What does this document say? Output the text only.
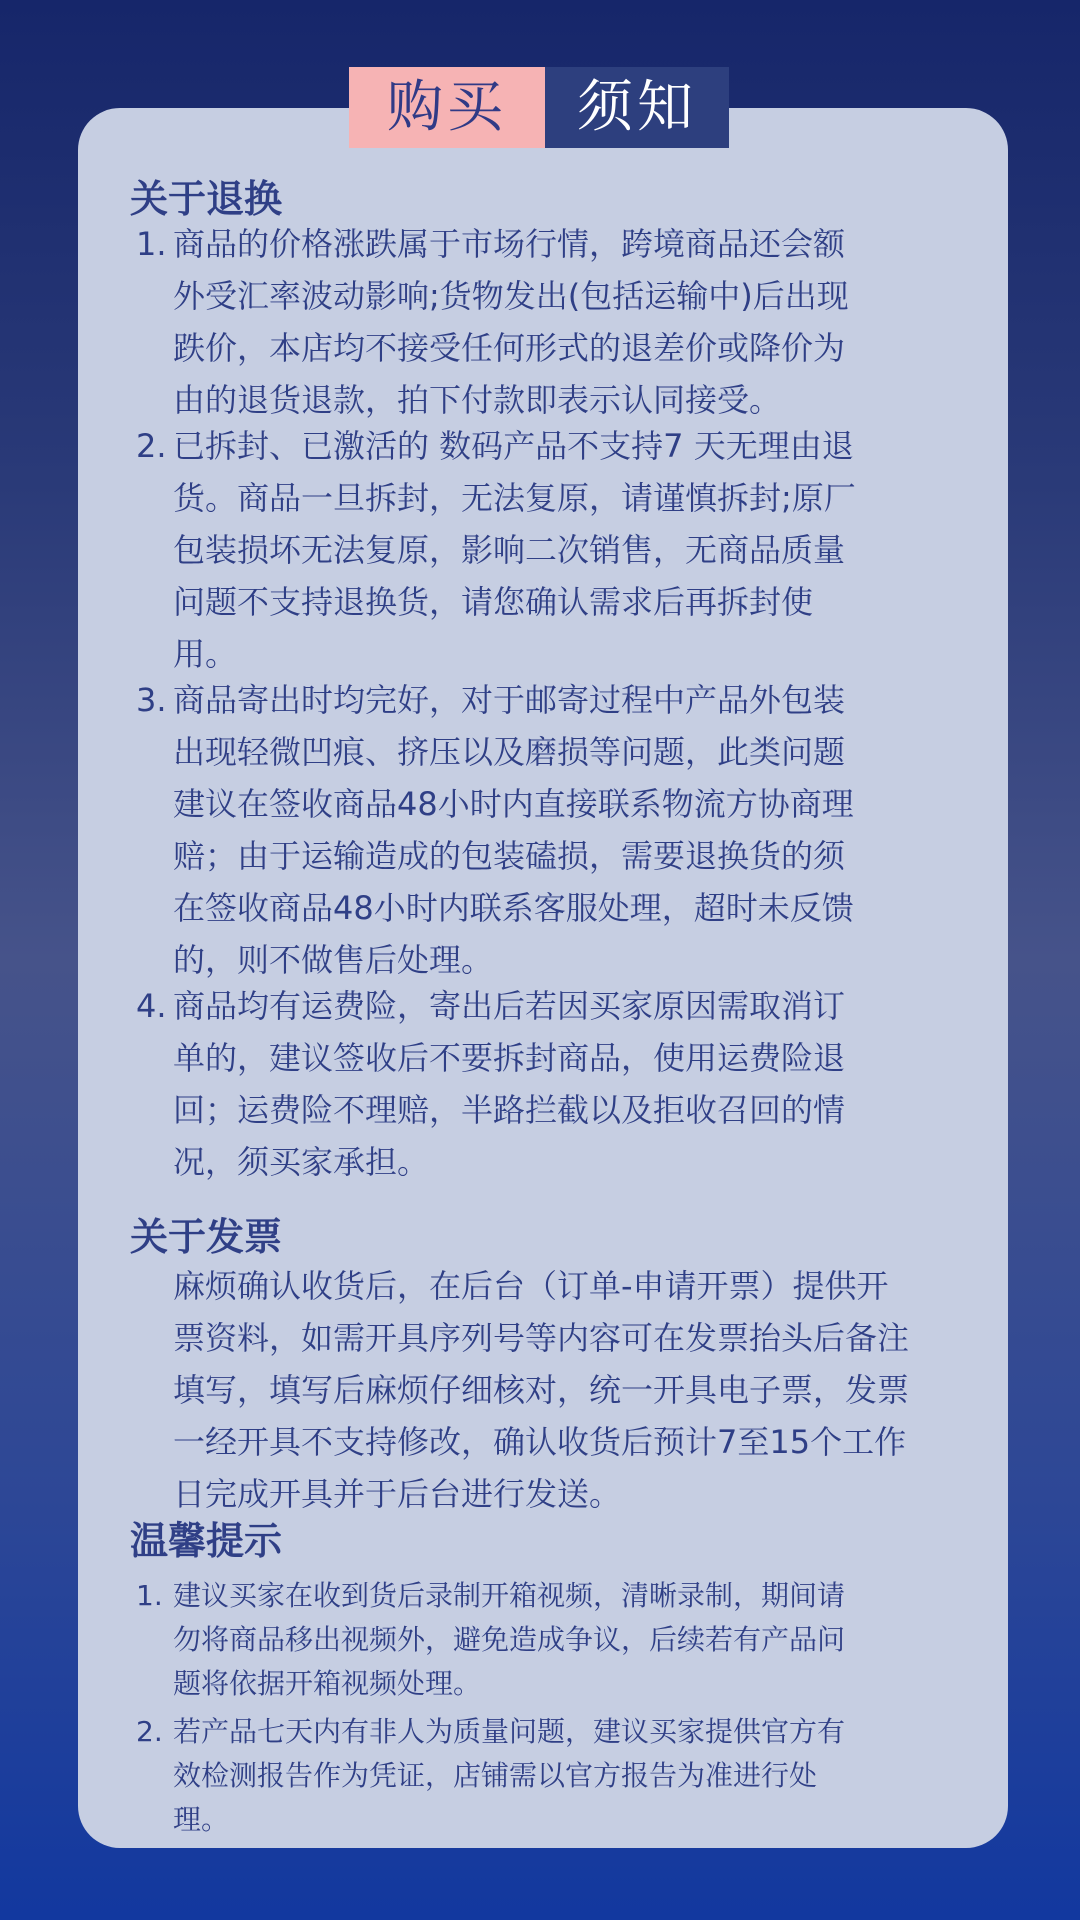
购买	须知
关于退换
1. 商品的价格涨跌属于市场行情，跨境商品还会额
外受汇率波动影响;货物发出(包括运输中)后出现
跌价，本店均不接受任何形式的退差价或降价为
由的退货退款，拍下付款即表示认同接受。
2. 已拆封、已激活的 数码产品不支持7 天无理由退
货。商品一旦拆封，无法复原，请谨慎拆封;原厂
包装损坏无法复原，影响二次销售，无商品质量
问题不支持退换货，请您确认需求后再拆封使
用。
3. 商品寄出时均完好，对于邮寄过程中产品外包装
出现轻微凹痕、挤压以及磨损等问题，此类问题
建议在签收商品48小时内直接联系物流方协商理
赔；由于运输造成的包装磕损，需要退换货的须
在签收商品48小时内联系客服处理，超时未反馈
的，则不做售后处理。
4. 商品均有运费险，寄出后若因买家原因需取消订
单的，建议签收后不要拆封商品，使用运费险退
回；运费险不理赔，半路拦截以及拒收召回的情
况，须买家承担。
关于发票
麻烦确认收货后，在后台（订单-申请开票）提供开
票资料，如需开具序列号等内容可在发票抬头后备注
填写，填写后麻烦仔细核对，统一开具电子票，发票
一经开具不支持修改，确认收货后预计7至15个工作
日完成开具并于后台进行发送。
温馨提示
1. 建议买家在收到货后录制开箱视频，清晰录制，期间请
勿将商品移出视频外，避免造成争议，后续若有产品问
题将依据开箱视频处理。
2. 若产品七天内有非人为质量问题，建议买家提供官方有
效检测报告作为凭证，店铺需以官方报告为准进行处
理。
